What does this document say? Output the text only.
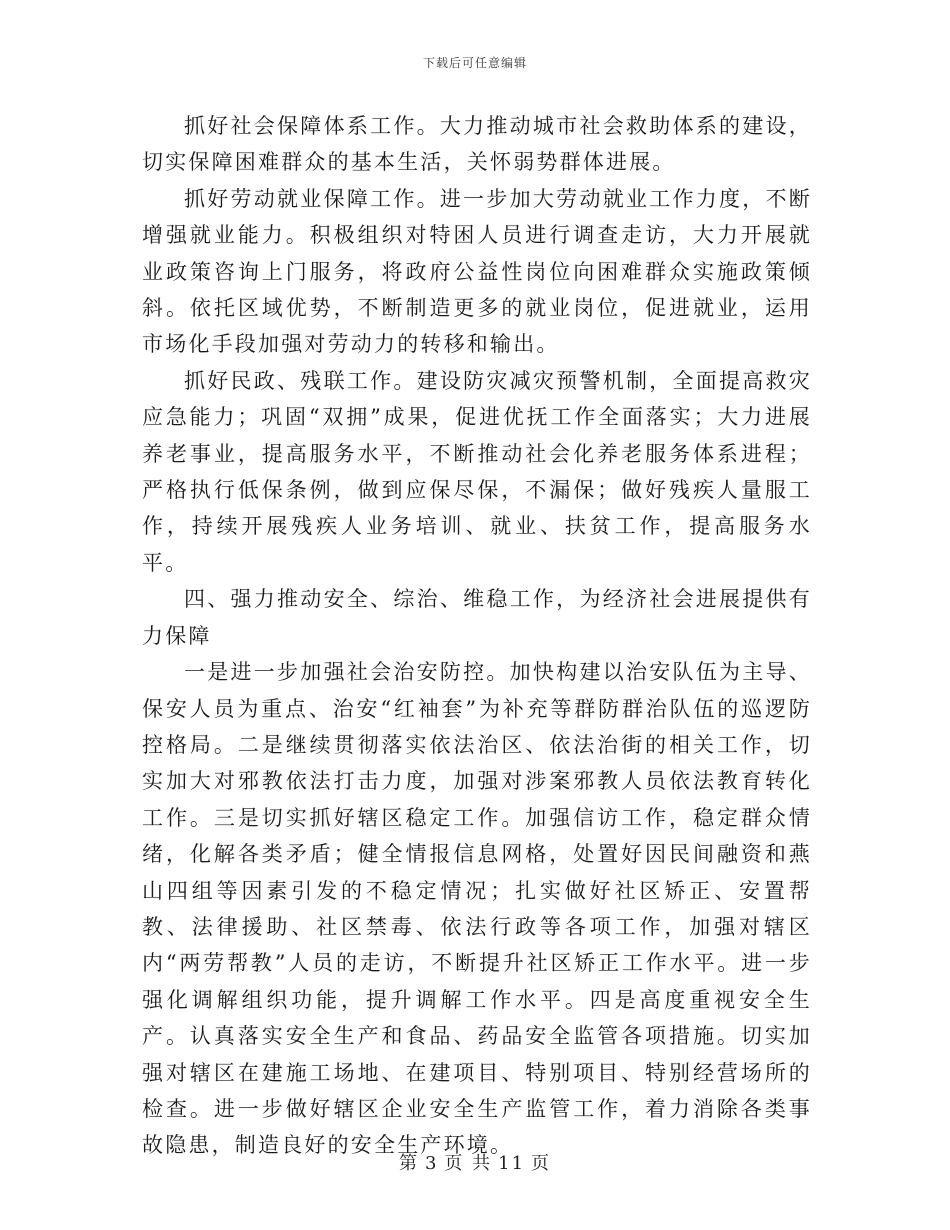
下载后可任意编辑

抓好社会保障体系工作。大力推动城市社会救助体系的建设，切实保障困难群众的基本生活，关怀弱势群体进展。

抓好劳动就业保障工作。进一步加大劳动就业工作力度，不断增强就业能力。积极组织对特困人员进行调查走访，大力开展就业政策咨询上门服务，将政府公益性岗位向困难群众实施政策倾斜。依托区域优势，不断制造更多的就业岗位，促进就业，运用市场化手段加强对劳动力的转移和输出。

抓好民政、残联工作。建设防灾减灾预警机制，全面提高救灾应急能力；巩固“双拥”成果，促进优抚工作全面落实；大力进展养老事业，提高服务水平，不断推动社会化养老服务体系进程；严格执行低保条例，做到应保尽保，不漏保；做好残疾人量服工作，持续开展残疾人业务培训、就业、扶贫工作，提高服务水平。

四、强力推动安全、综治、维稳工作，为经济社会进展提供有力保障

一是进一步加强社会治安防控。加快构建以治安队伍为主导、保安人员为重点、治安“红袖套”为补充等群防群治队伍的巡逻防控格局。二是继续贯彻落实依法治区、依法治街的相关工作，切实加大对邪教依法打击力度，加强对涉案邪教人员依法教育转化工作。三是切实抓好辖区稳定工作。加强信访工作，稳定群众情绪，化解各类矛盾；健全情报信息网格，处置好因民间融资和燕山四组等因素引发的不稳定情况；扎实做好社区矫正、安置帮教、法律援助、社区禁毒、依法行政等各项工作，加强对辖区内“两劳帮教”人员的走访，不断提升社区矫正工作水平。进一步强化调解组织功能，提升调解工作水平。四是高度重视安全生产。认真落实安全生产和食品、药品安全监管各项措施。切实加强对辖区在建施工场地、在建项目、特别项目、特别经营场所的检查。进一步做好辖区企业安全生产监管工作，着力消除各类事故隐患，制造良好的安全生产环境。

第 3 页 共 11 页
